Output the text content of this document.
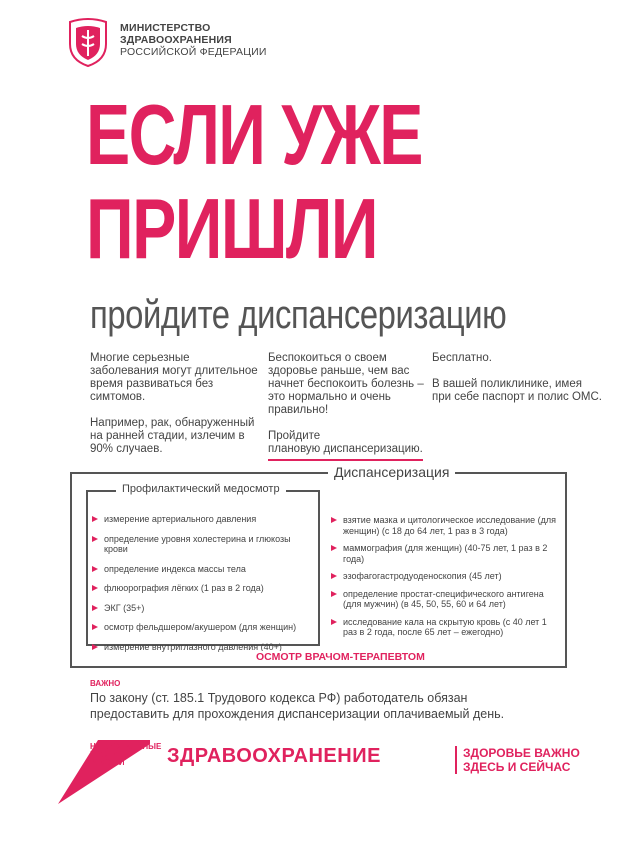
МИНИСТЕРСТВО
ЗДРАВООХРАНЕНИЯ
РОССИЙСКОЙ ФЕДЕРАЦИИ
ЕСЛИ УЖЕ
ПРИШЛИ
пройдите диспансеризацию

Многие серьезные заболевания могут длительное время развиваться без симтомов.

Например, рак, обнаруженный на ранней стадии, излечим в 90% случаев.

Беспокоиться о своем здоровье раньше, чем вас начнет беспокоить болезнь – это нормально и очень правильно!

Пройдите
плановую диспансеризацию.

Бесплатно.

В вашей поликлинике, имея при себе паспорт и полис ОМС.

Диспансеризация
Профилактический медосмотр
измерение артериального давления
определение уровня холестерина и глюкозы крови
определение индекса массы тела
флюорография лёгких (1 раз в 2 года)
ЭКГ (35+)
осмотр фельдшером/акушером (для женщин)
измерение внутриглазного давления (40+)
взятие мазка и цитологическое исследование (для женщин) (с 18 до 64 лет, 1 раз в 3 года)
маммография (для женщин) (40-75 лет, 1 раз в 2 года)
эзофагогастродуоденоскопия (45 лет)
определение простат-специфического антигена (для мужчин) (в 45, 50, 55, 60 и 64 лет)
исследование кала на скрытую кровь (с 40 лет 1 раз в 2 года, после 65 лет – ежегодно)
ОСМОТР ВРАЧОМ-ТЕРАПЕВТОМ
ВАЖНО
По закону (ст. 185.1 Трудового кодекса РФ) работодатель обязан предоставить для прохождения диспансеризации оплачиваемый день.
НАЦИОНАЛЬНЫЕ
ПРОЕКТЫ
РОССИИ	ЗДРАВООХРАНЕНИЕ	ЗДОРОВЬЕ ВАЖНО
ЗДЕСЬ И СЕЙЧАС
